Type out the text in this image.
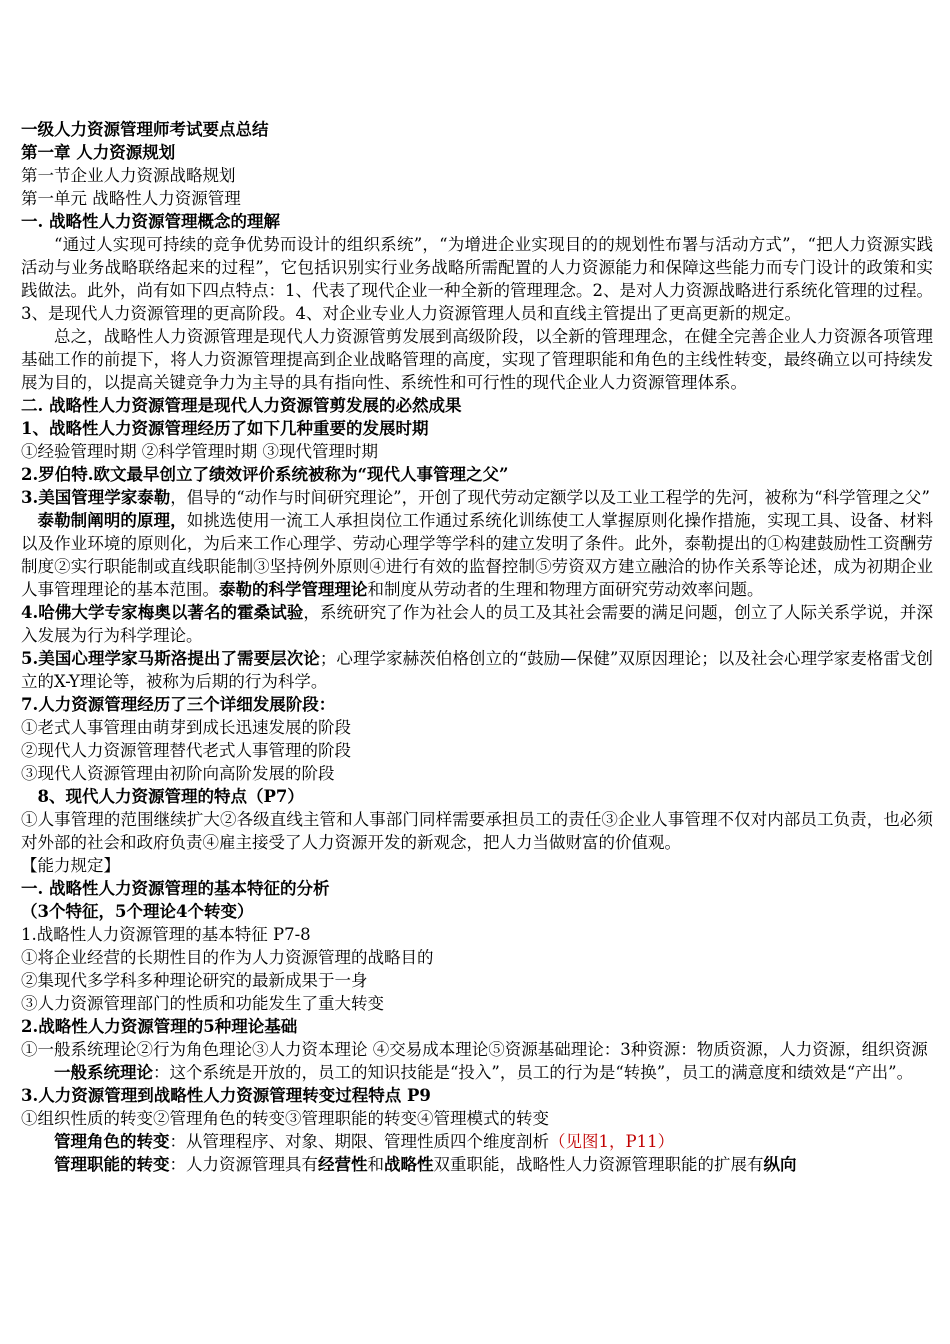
一级人力资源管理师考试要点总结

第一章 人力资源规划

第一节企业人力资源战略规划

第一单元 战略性人力资源管理

一. 战略性人力资源管理概念的理解

“通过人实现可持续的竞争优势而设计的组织系统”，“为增进企业实现目的的规划性布署与活动方式”，“把人力资源实践活动与业务战略联络起来的过程”，它包括识别实行业务战略所需配置的人力资源能力和保障这些能力而专门设计的政策和实践做法。此外，尚有如下四点特点：1、代表了现代企业一种全新的管理理念。2、是对人力资源战略进行系统化管理的过程。3、是现代人力资源管理的更高阶段。4、对企业专业人力资源管理人员和直线主管提出了更高更新的规定。

总之，战略性人力资源管理是现代人力资源管剪发展到高级阶段，以全新的管理理念，在健全完善企业人力资源各项管理基础工作的前提下，将人力资源管理提高到企业战略管理的高度，实现了管理职能和角色的主线性转变，最终确立以可持续发展为目的，以提高关键竞争力为主导的具有指向性、系统性和可行性的现代企业人力资源管理体系。

二. 战略性人力资源管理是现代人力资源管剪发展的必然成果

1、战略性人力资源管理经历了如下几种重要的发展时期

①经验管理时期 ②科学管理时期 ③现代管理时期

2.罗伯特.欧文最早创立了绩效评价系统被称为“现代人事管理之父”

3.美国管理学家泰勒，倡导的“动作与时间研究理论”，开创了现代劳动定额学以及工业工程学的先河，被称为“科学管理之父”

泰勒制阐明的原理，如挑选使用一流工人承担岗位工作通过系统化训练使工人掌握原则化操作措施，实现工具、设备、材料以及作业环境的原则化，为后来工作心理学、劳动心理学等学科的建立发明了条件。此外，泰勒提出的①构建鼓励性工资酬劳制度②实行职能制或直线职能制③坚持例外原则④进行有效的监督控制⑤劳资双方建立融洽的协作关系等论述，成为初期企业人事管理理论的基本范围。泰勒的科学管理理论和制度从劳动者的生理和物理方面研究劳动效率问题。

4.哈佛大学专家梅奥以著名的霍桑试验，系统研究了作为社会人的员工及其社会需要的满足问题，创立了人际关系学说，并深入发展为行为科学理论。

5.美国心理学家马斯洛提出了需要层次论；心理学家赫茨伯格创立的“鼓励—保健”双原因理论；以及社会心理学家麦格雷戈创立的X-Y理论等，被称为后期的行为科学。

7.人力资源管理经历了三个详细发展阶段：

①老式人事管理由萌芽到成长迅速发展的阶段

②现代人力资源管理替代老式人事管理的阶段

③现代人资源管理由初阶向高阶发展的阶段

8、现代人力资源管理的特点（P7）

①人事管理的范围继续扩大②各级直线主管和人事部门同样需要承担员工的责任③企业人事管理不仅对内部员工负责，也必须对外部的社会和政府负责④雇主接受了人力资源开发的新观念，把人力当做财富的价值观。

【能力规定】

一. 战略性人力资源管理的基本特征的分析

（3个特征，5个理论4个转变）

1.战略性人力资源管理的基本特征 P7-8

①将企业经营的长期性目的作为人力资源管理的战略目的

②集现代多学科多种理论研究的最新成果于一身

③人力资源管理部门的性质和功能发生了重大转变

2.战略性人力资源管理的5种理论基础

①一般系统理论②行为角色理论③人力资本理论 ④交易成本理论⑤资源基础理论：3种资源：物质资源，人力资源，组织资源

一般系统理论：这个系统是开放的，员工的知识技能是“投入”，员工的行为是“转换”，员工的满意度和绩效是“产出”。

3.人力资源管理到战略性人力资源管理转变过程特点 P9

①组织性质的转变②管理角色的转变③管理职能的转变④管理模式的转变

管理角色的转变：从管理程序、对象、期限、管理性质四个维度剖析（见图1，P11）

管理职能的转变：人力资源管理具有经营性和战略性双重职能，战略性人力资源管理职能的扩展有纵向
